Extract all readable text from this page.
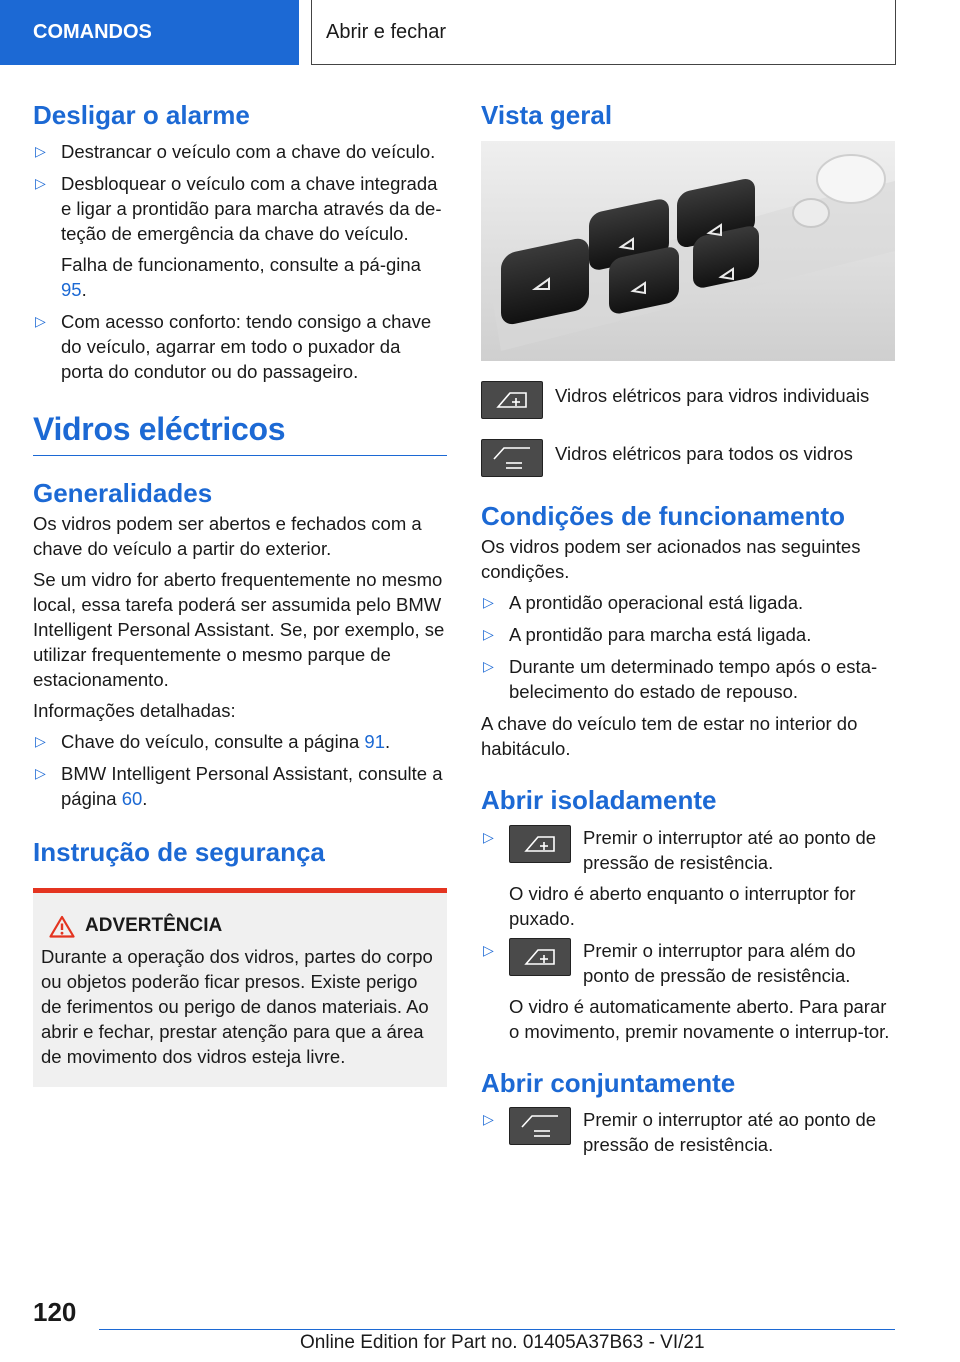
COMANDOS	Abrir e fechar
Desligar o alarme
▷ Destrancar o veículo com a chave do veículo.
▷ Desbloquear o veículo com a chave integrada e ligar a prontidão para marcha através da de-teção de emergência da chave do veículo.
Falha de funcionamento, consulte a pá-gina 95.
▷ Com acesso conforto: tendo consigo a chave do veículo, agarrar em todo o puxador da porta do condutor ou do passageiro.
Vidros eléctricos
Generalidades

Os vidros podem ser abertos e fechados com a chave do veículo a partir do exterior.

Se um vidro for aberto frequentemente no mesmo local, essa tarefa poderá ser assumida pelo BMW Intelligent Personal Assistant. Se, por exemplo, se utilizar frequentemente o mesmo parque de estacionamento.

Informações detalhadas:

▷ Chave do veículo, consulte a página 91.
▷ BMW Intelligent Personal Assistant, consulte a página 60.
Instrução de segurança
ADVERTÊNCIA

Durante a operação dos vidros, partes do corpo ou objetos poderão ficar presos. Existe perigo de ferimentos ou perigo de danos materiais. Ao abrir e fechar, prestar atenção para que a área de movimento dos vidros esteja livre.

Vista geral

Vidros elétricos para vidros individuais

Vidros elétricos para todos os vidros

Condições de funcionamento

Os vidros podem ser acionados nas seguintes condições.

▷ A prontidão operacional está ligada.
▷ A prontidão para marcha está ligada.
▷ Durante um determinado tempo após o esta-belecimento do estado de repouso.

A chave do veículo tem de estar no interior do habitáculo.

Abrir isoladamente
▷	Premir o interruptor até ao ponto de pressão de resistência.
O vidro é aberto enquanto o interruptor for puxado.
▷	Premir o interruptor para além do ponto de pressão de resistência.
O vidro é automaticamente aberto. Para parar o movimento, premir novamente o interrup-tor.
Abrir conjuntamente
▷	Premir o interruptor até ao ponto de pressão de resistência.
120
Online Edition for Part no. 01405A37B63 - VI/21
